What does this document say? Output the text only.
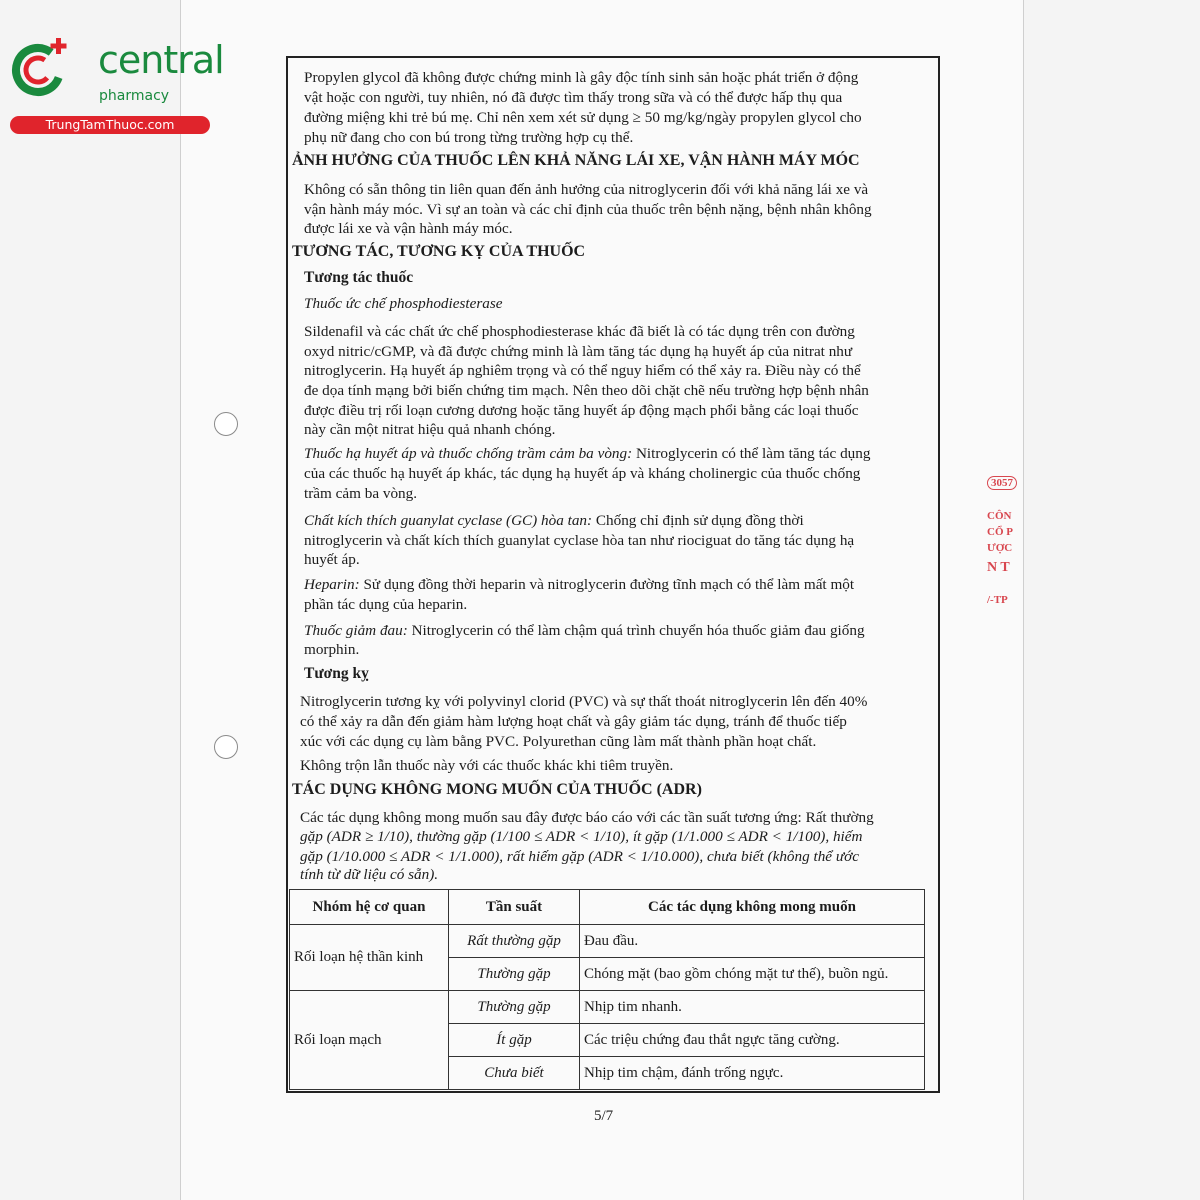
central
pharmacy
TrungTamThuoc.com
3057
CÔN
CỔ P
ƯỢC
N T
/-TP
Propylen glycol đã không được chứng minh là gây độc tính sinh sản hoặc phát triển ở động
vật hoặc con người, tuy nhiên, nó đã được tìm thấy trong sữa và có thể được hấp thụ qua
đường miệng khi trẻ bú mẹ. Chỉ nên xem xét sử dụng ≥ 50 mg/kg/ngày propylen glycol cho
phụ nữ đang cho con bú trong từng trường hợp cụ thể.
ẢNH HƯỞNG CỦA THUỐC LÊN KHẢ NĂNG LÁI XE, VẬN HÀNH MÁY MÓC
Không có sẵn thông tin liên quan đến ảnh hưởng của nitroglycerin đối với khả năng lái xe và
vận hành máy móc. Vì sự an toàn và các chỉ định của thuốc trên bệnh nặng, bệnh nhân không
được lái xe và vận hành máy móc.
TƯƠNG TÁC, TƯƠNG KỴ CỦA THUỐC
Tương tác thuốc
Thuốc ức chế phosphodiesterase
Sildenafil và các chất ức chế phosphodiesterase khác đã biết là có tác dụng trên con đường
oxyd nitric/cGMP, và đã được chứng minh là làm tăng tác dụng hạ huyết áp của nitrat như
nitroglycerin. Hạ huyết áp nghiêm trọng và có thể nguy hiểm có thể xảy ra. Điều này có thể
đe dọa tính mạng bởi biến chứng tim mạch. Nên theo dõi chặt chẽ nếu trường hợp bệnh nhân
được điều trị rối loạn cương dương hoặc tăng huyết áp động mạch phổi bằng các loại thuốc
này cần một nitrat hiệu quả nhanh chóng.
Thuốc hạ huyết áp và thuốc chống trầm cảm ba vòng: Nitroglycerin có thể làm tăng tác dụng
của các thuốc hạ huyết áp khác, tác dụng hạ huyết áp và kháng cholinergic của thuốc chống
trầm cảm ba vòng.
Chất kích thích guanylat cyclase (GC) hòa tan: Chống chỉ định sử dụng đồng thời
nitroglycerin và chất kích thích guanylat cyclase hòa tan như riociguat do tăng tác dụng hạ
huyết áp.
Heparin: Sử dụng đồng thời heparin và nitroglycerin đường tĩnh mạch có thể làm mất một
phần tác dụng của heparin.
Thuốc giảm đau: Nitroglycerin có thể làm chậm quá trình chuyển hóa thuốc giảm đau giống
morphin.
Tương kỵ
Nitroglycerin tương kỵ với polyvinyl clorid (PVC) và sự thất thoát nitroglycerin lên đến 40%
có thể xảy ra dẫn đến giảm hàm lượng hoạt chất và gây giảm tác dụng, tránh để thuốc tiếp
xúc với các dụng cụ làm bằng PVC. Polyurethan cũng làm mất thành phần hoạt chất.
Không trộn lẫn thuốc này với các thuốc khác khi tiêm truyền.
TÁC DỤNG KHÔNG MONG MUỐN CỦA THUỐC (ADR)
Các tác dụng không mong muốn sau đây được báo cáo với các tần suất tương ứng: Rất thường
gặp (ADR ≥ 1/10), thường gặp (1/100 ≤ ADR < 1/10), ít gặp (1/1.000 ≤ ADR < 1/100), hiếm
gặp (1/10.000 ≤ ADR < 1/1.000), rất hiếm gặp (ADR < 1/10.000), chưa biết (không thể ước
tính từ dữ liệu có sẵn).
Nhóm hệ cơ quan	Tần suất	Các tác dụng không mong muốn
Rối loạn hệ thần kinh	Rất thường gặp	Đau đầu.
	Thường gặp	Chóng mặt (bao gồm chóng mặt tư thế), buồn ngủ.
Rối loạn mạch	Thường gặp	Nhịp tim nhanh.
	Ít gặp	Các triệu chứng đau thắt ngực tăng cường.
	Chưa biết	Nhịp tim chậm, đánh trống ngực.
5/7
